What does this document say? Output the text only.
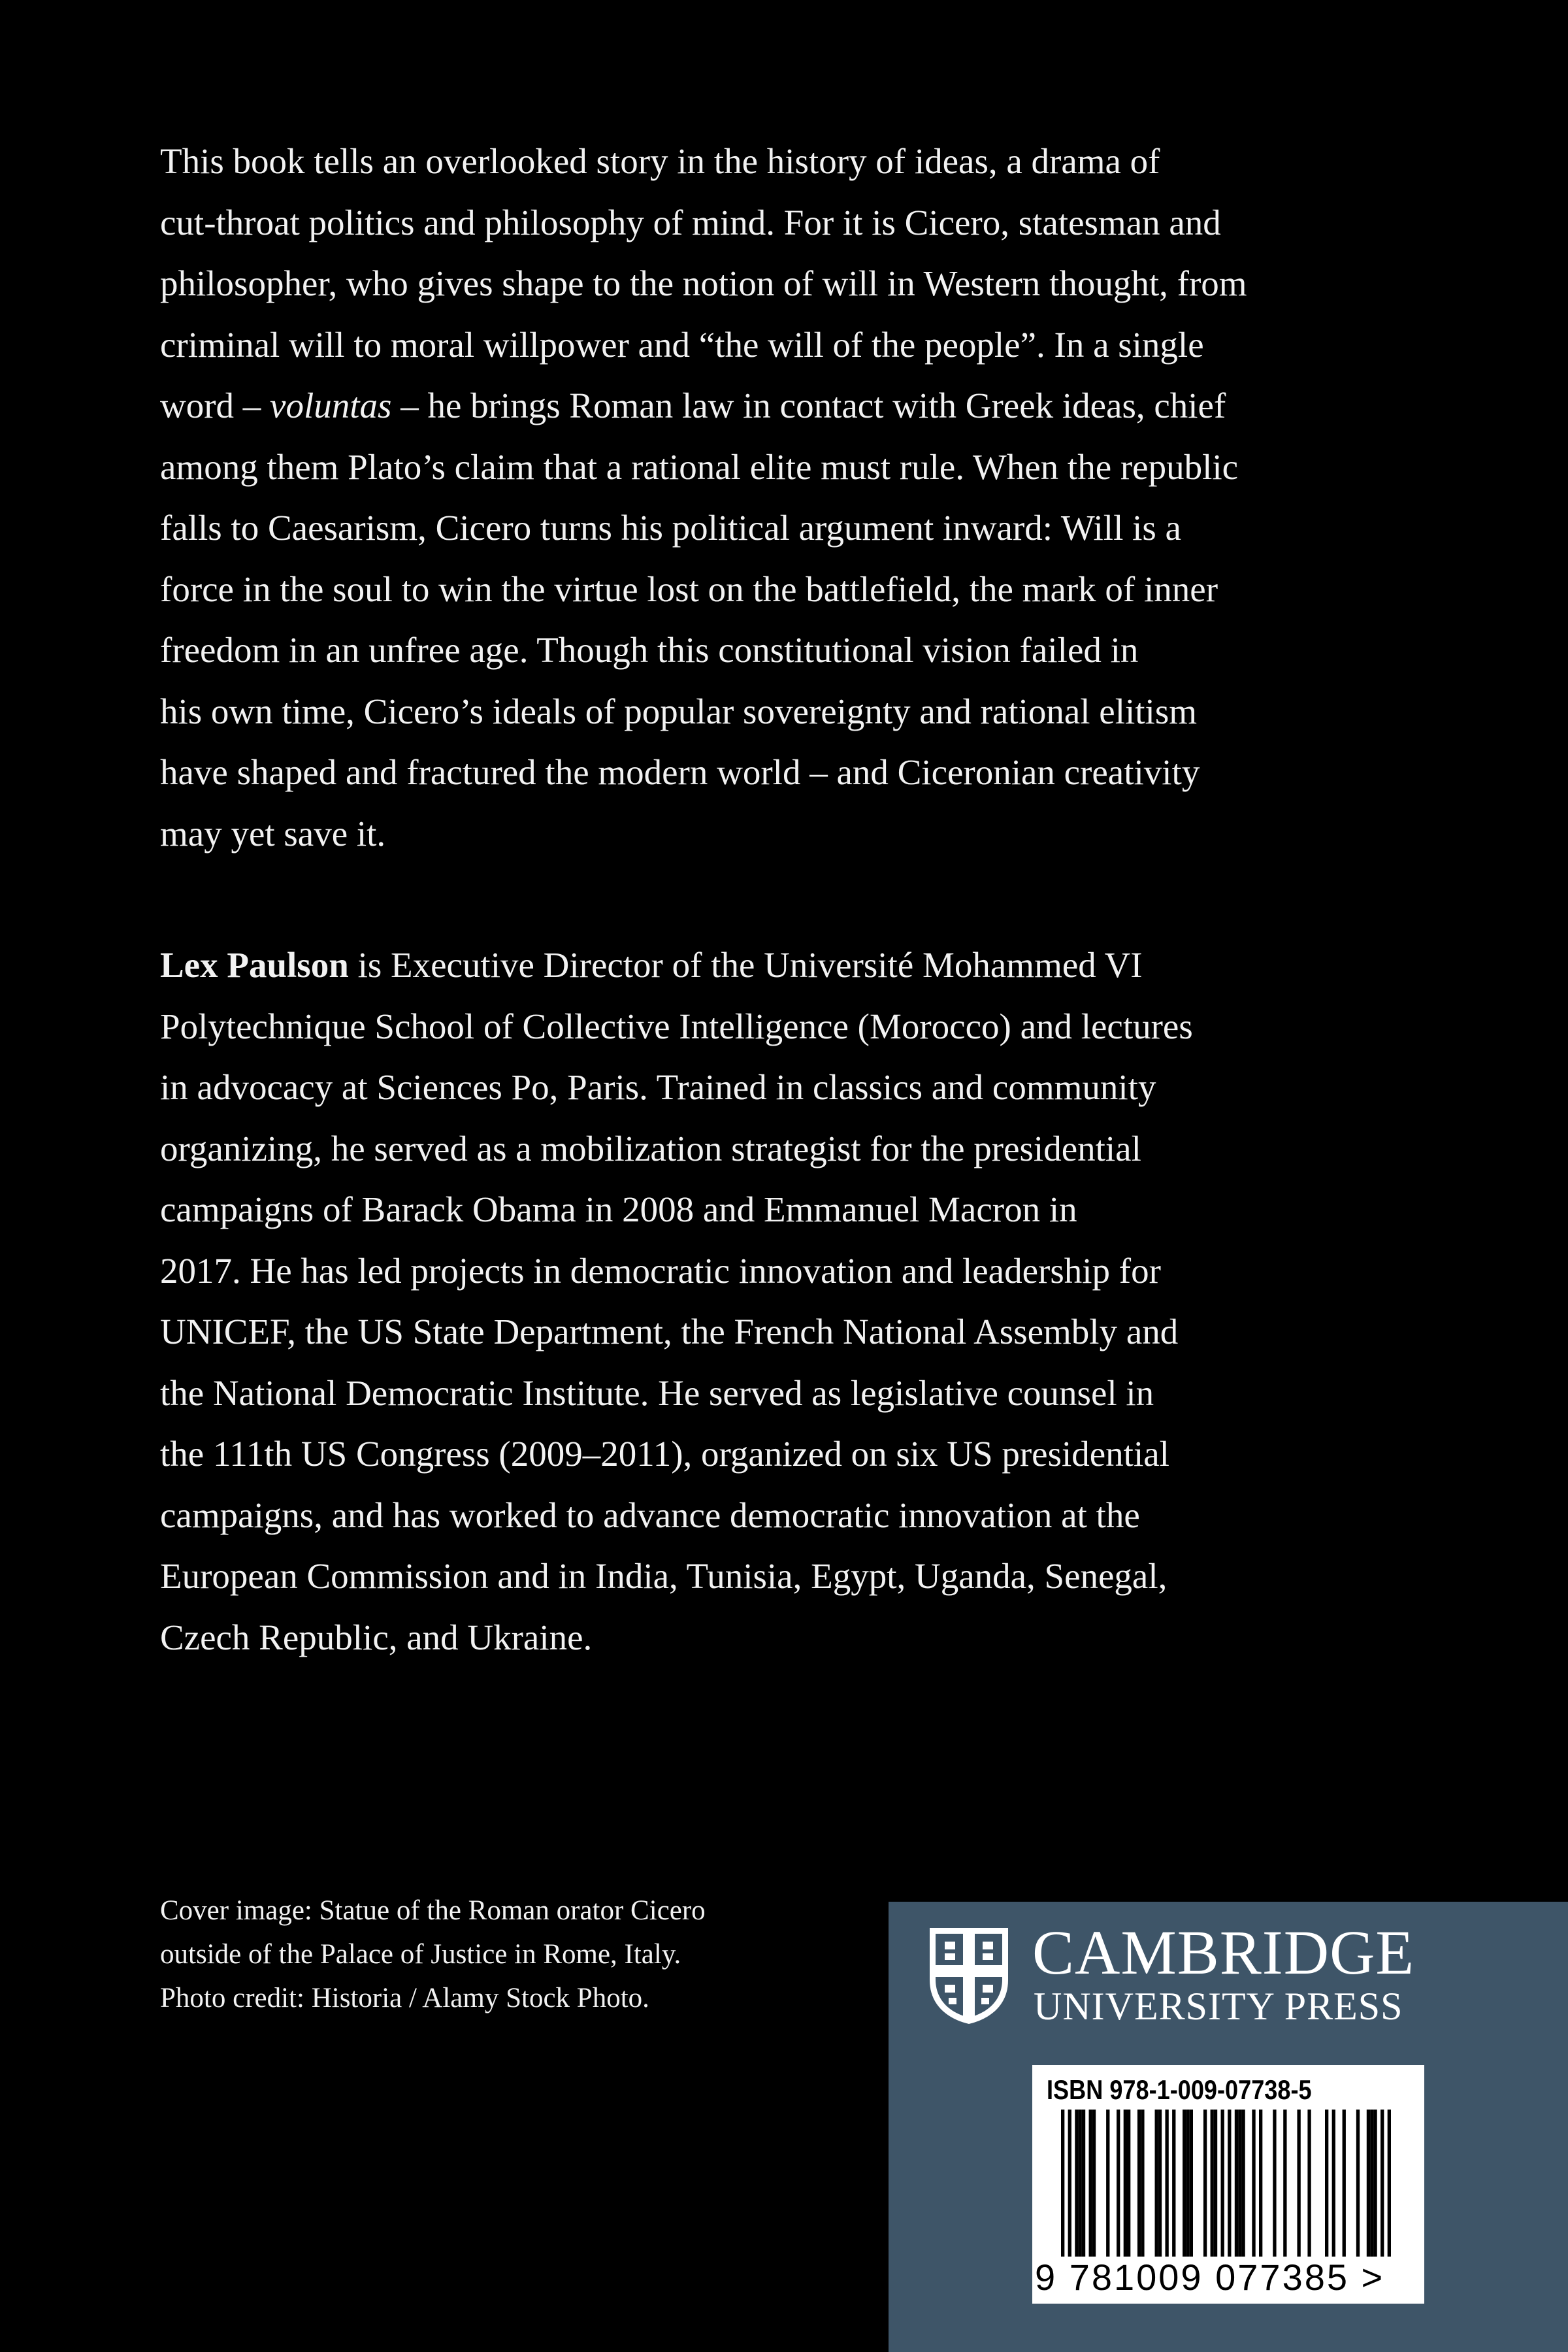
This book tells an overlooked story in the history of ideas, a drama of
cut-throat politics and philosophy of mind. For it is Cicero, statesman and
philosopher, who gives shape to the notion of will in Western thought, from
criminal will to moral willpower and “the will of the people”. In a single
word – voluntas – he brings Roman law in contact with Greek ideas, chief
among them Plato’s claim that a rational elite must rule. When the republic
falls to Caesarism, Cicero turns his political argument inward: Will is a
force in the soul to win the virtue lost on the battlefield, the mark of inner
freedom in an unfree age. Though this constitutional vision failed in
his own time, Cicero’s ideals of popular sovereignty and rational elitism
have shaped and fractured the modern world – and Ciceronian creativity
may yet save it.
Lex Paulson is Executive Director of the Université Mohammed VI
Polytechnique School of Collective Intelligence (Morocco) and lectures
in advocacy at Sciences Po, Paris. Trained in classics and community
organizing, he served as a mobilization strategist for the presidential
campaigns of Barack Obama in 2008 and Emmanuel Macron in
2017. He has led projects in democratic innovation and leadership for
UNICEF, the US State Department, the French National Assembly and
the National Democratic Institute. He served as legislative counsel in
the 111th US Congress (2009–2011), organized on six US presidential
campaigns, and has worked to advance democratic innovation at the
European Commission and in India, Tunisia, Egypt, Uganda, Senegal,
Czech Republic, and Ukraine.
Cover image: Statue of the Roman orator Cicero
outside of the Palace of Justice in Rome, Italy.
Photo credit: Historia / Alamy Stock Photo.
CAMBRIDGE
UNIVERSITY PRESS
ISBN 978-1-009-07738-5
9 781009 077385 >
